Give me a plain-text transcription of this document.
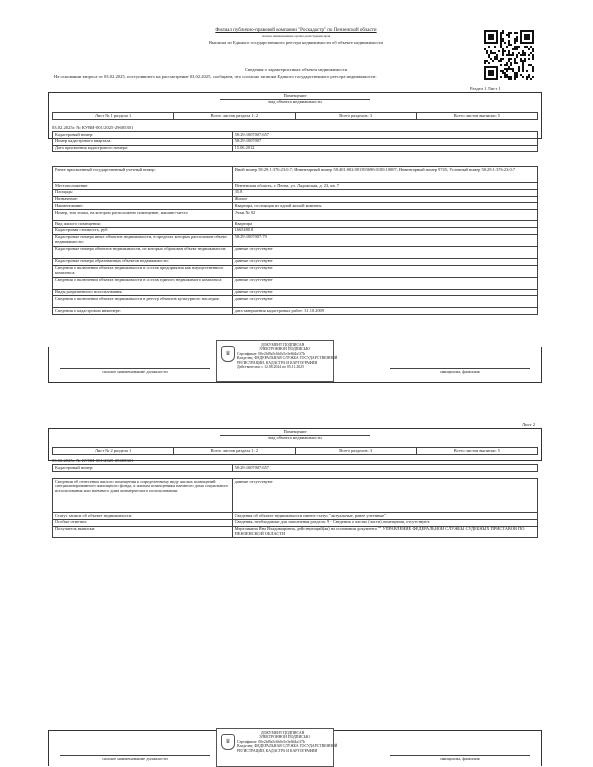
Филиал публично-правовой компании "Роскадастр" по Пензенской области
полное наименование органа регистрации прав
Выписка из Единого государственного реестра недвижимости об объекте недвижимости
Сведения о характеристиках объекта недвижимости
На основании запроса от 03.02.2025, поступившего на рассмотрение 03.02.2025, сообщаем, что согласно записям Единого государственного реестра недвижимости:
Раздел 1 Лист 1
Помещение
вид объекта недвижимости
Лист № 1 раздела 1	Всего листов раздела 1: 2	Всего разделов: 3	Всего листов выписки: 5
03.02.2025г. № КУВИ-001/2025-29685301
Кадастровый номер:	58:29:1007007:657
Номер кадастрового квартала:	58:29:1007007
Дата присвоения кадастрового номера:	15.06.2012
Ранее присвоенный государственный учетный номер:	Иной номер 58:29:1:376:23:0:7; Инвентарный номер 58:401:002:001393690:0100:10007; Инвентарный номер 9745; Условный номер 58:29:1:376:23:0:7
Местоположение:	Пензенская область, г. Пенза, ул. Ладожская, д. 23, кв. 7
Площадь:	35.8
Назначение:	Жилое
Наименование:	Квартира, состоящая из одной жилой комнаты
Номер, тип этажа, на котором расположено помещение, машино-место	Этаж № 02
Вид жилого помещения:	Квартира
Кадастровая стоимость, руб.	1665480.8
Кадастровые номера иных объектов недвижимости, в пределах которых расположен объект недвижимости:	58:29:1007007:79
Кадастровые номера объектов недвижимости, из которых образован объект недвижимости:	данные отсутствуют
Кадастровые номера образованных объектов недвижимости:	данные отсутствуют
Сведения о включении объекта недвижимости в состав предприятия как имущественного комплекса:	данные отсутствуют
Сведения о включении объекта недвижимости в состав единого недвижимого комплекса:	данные отсутствуют
Виды разрешенного использования:	данные отсутствуют
Сведения о включении объекта недвижимости в реестр объектов культурного наследия:	данные отсутствуют
Сведения о кадастровом инженере:	дата завершения кадастровых работ: 31.10.2009
полное наименование должности	инициалы, фамилия
♛
ДОКУМЕНТ ПОДПИСАН
ЭЛЕКТРОННОЙ ПОДПИСЬЮ
Сертификат: 00e2fd9a5c6b0c5e3e8d4a1f7b
Владелец: ФЕДЕРАЛЬНАЯ СЛУЖБА ГОСУДАРСТВЕННОЙ
РЕГИСТРАЦИИ, КАДАСТРА И КАРТОГРАФИИ
Действителен: с 12.08.2024 по 05.11.2025
Лист 2
Помещение
вид объекта недвижимости
Лист № 2 раздела 1	Всего листов раздела 1: 2	Всего разделов: 3	Всего листов выписки: 5
03.02.2025г. № КУВИ-001/2025-29685301
Кадастровый номер:	58:29:1007007:657
Сведения об отнесении жилого помещения к определенному виду жилых помещений специализированного жилищного фонда, к жилым помещениям наемного дома социального использования или наемного дома коммерческого использования:	данные отсутствуют
Статус записи об объекте недвижимости:	Сведения об объекте недвижимости имеют статус "актуальные, ранее учтенные"
Особые отметки:	Сведения, необходимые для заполнения раздела: 9 - Сведения о частях (части) помещения, отсутствуют.
Получатель выписки:	Мерзликина Яна Владимировна, действующий(ая) на основании документа "" УПРАВЛЕНИЕ ФЕДЕРАЛЬНОЙ СЛУЖБЫ СУДЕБНЫХ ПРИСТАВОВ ПО ПЕНЗЕНСКОЙ ОБЛАСТИ
полное наименование должности	инициалы, фамилия
♛
ДОКУМЕНТ ПОДПИСАН
ЭЛЕКТРОННОЙ ПОДПИСЬЮ
Сертификат: 00e2fd9a5c6b0c5e3e8d4a1f7b
Владелец: ФЕДЕРАЛЬНАЯ СЛУЖБА ГОСУДАРСТВЕННОЙ
РЕГИСТРАЦИИ, КАДАСТРА И КАРТОГРАФИИ
